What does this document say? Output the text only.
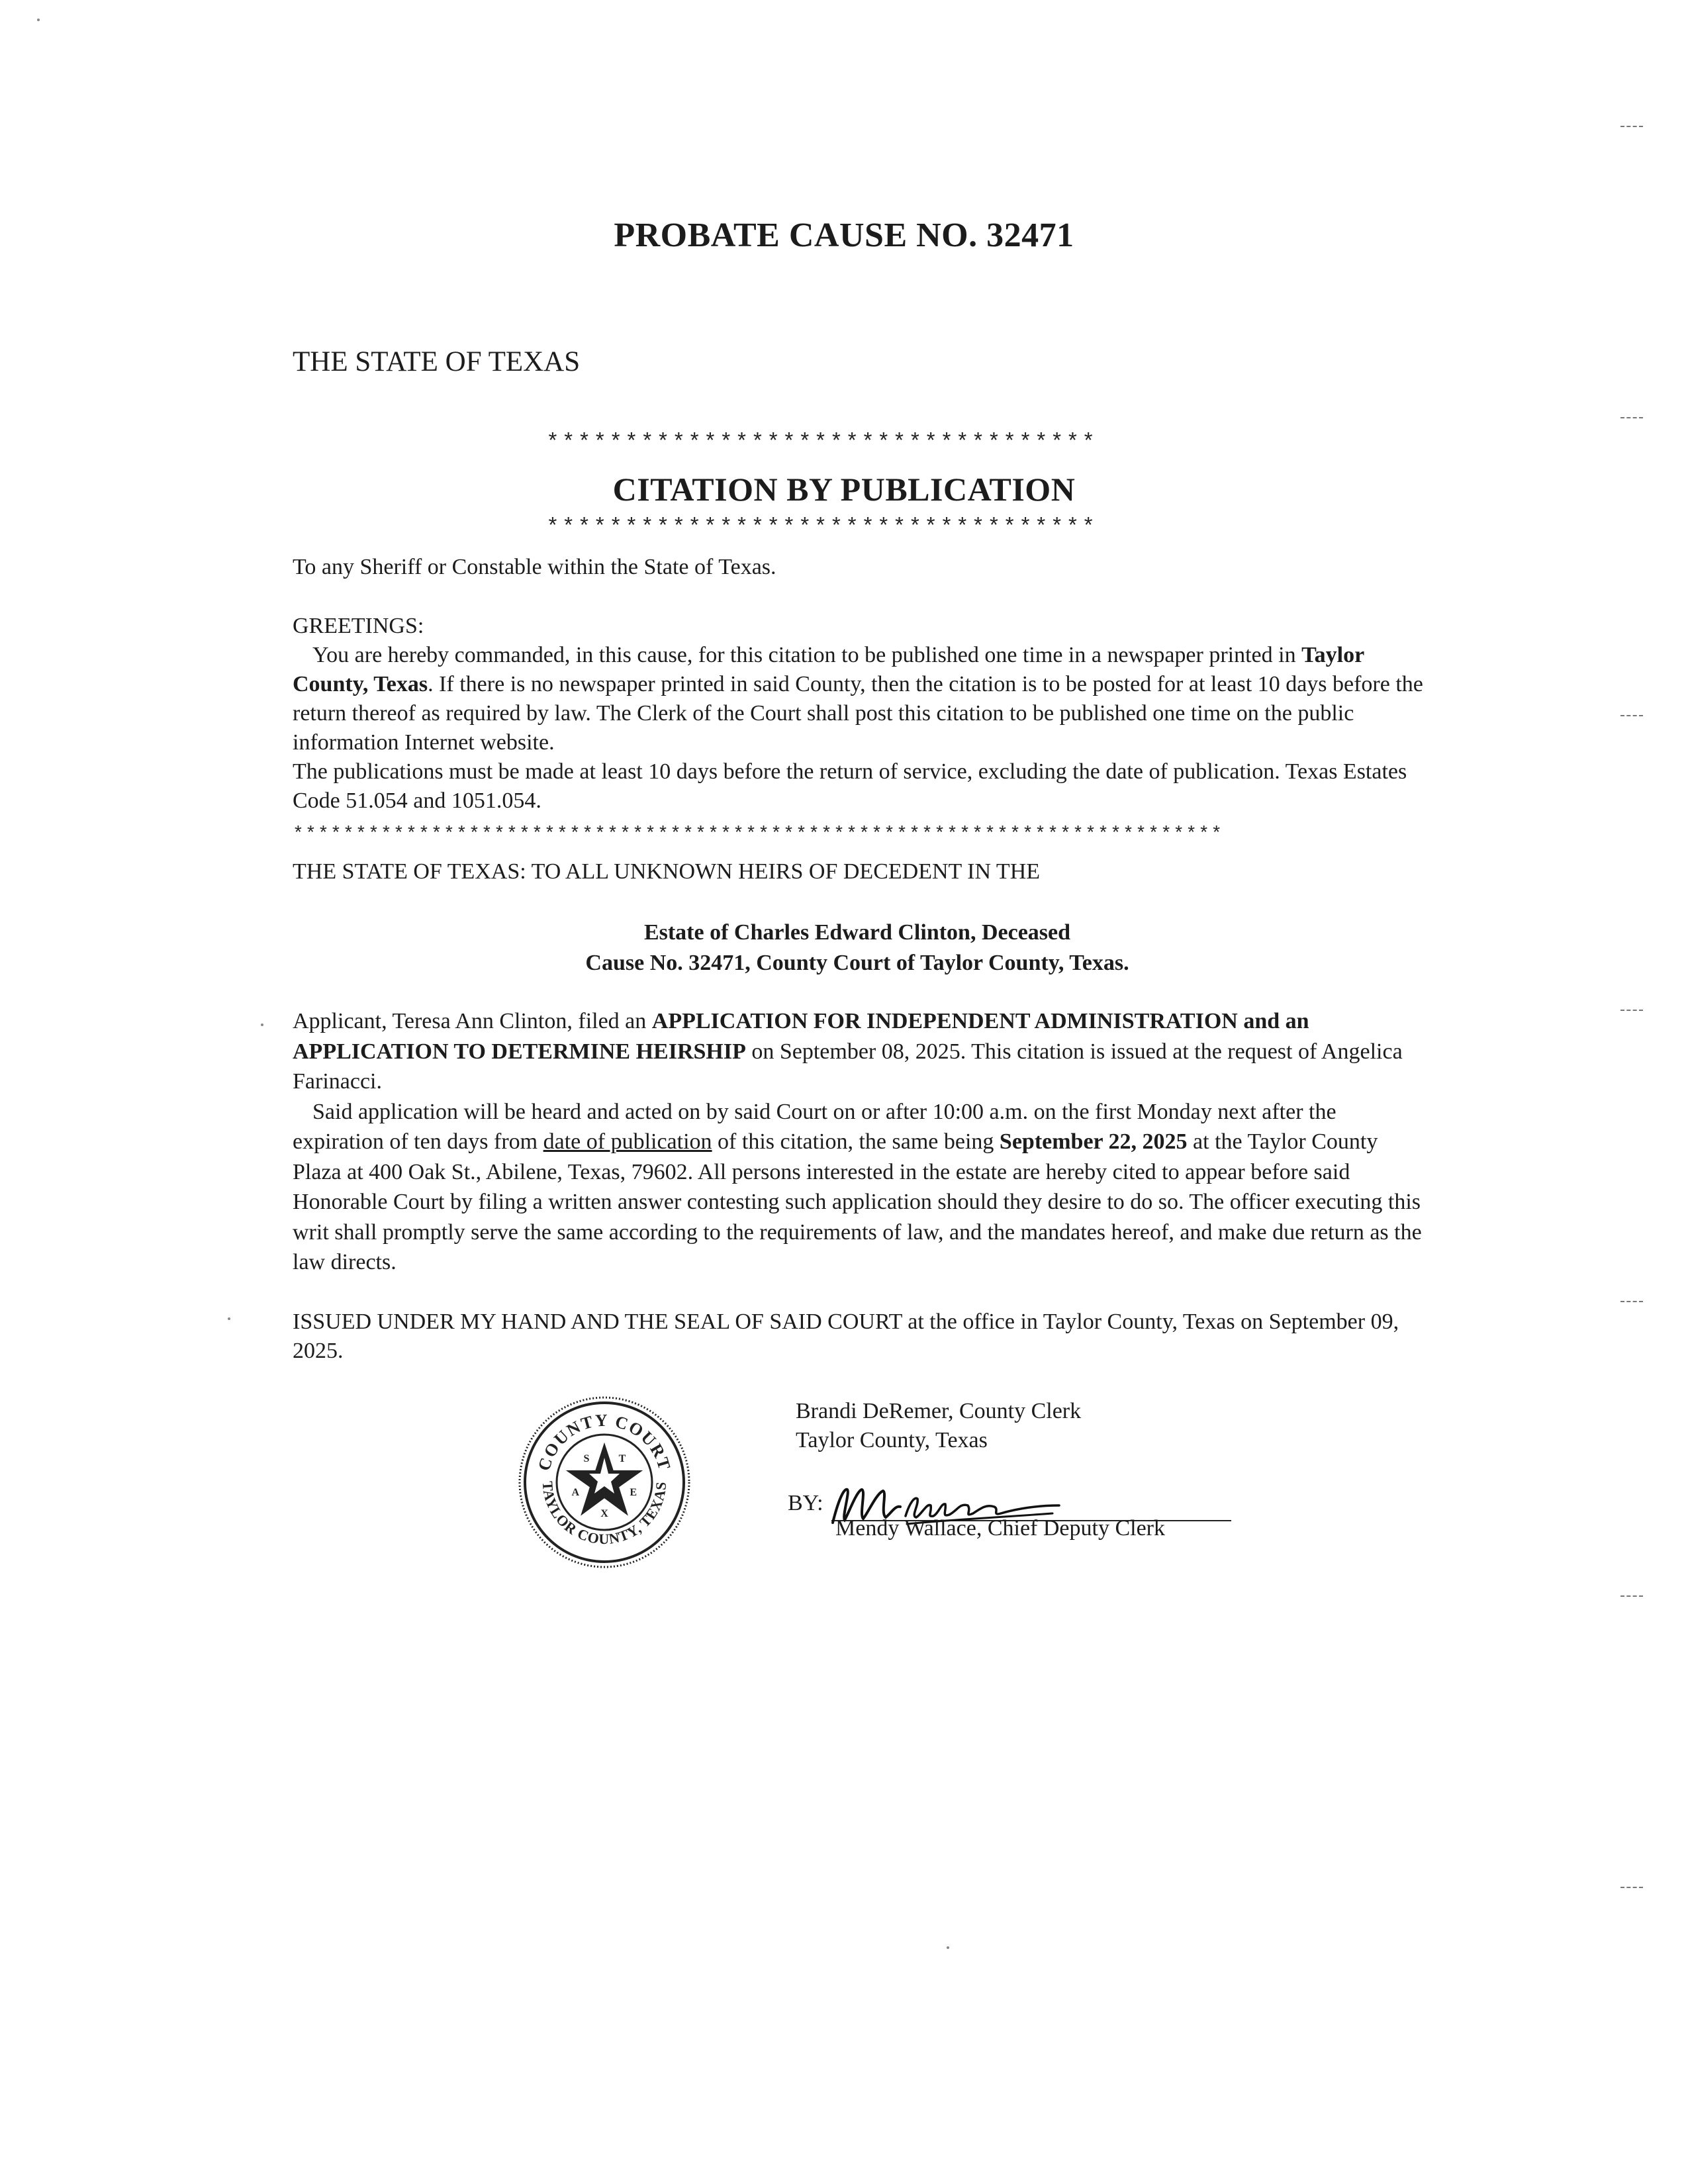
PROBATE CAUSE NO. 32471
THE STATE OF TEXAS
***********************************
CITATION BY PUBLICATION
***********************************
To any Sheriff or Constable within the State of Texas.

GREETINGS:

You are hereby commanded, in this cause, for this citation to be published one time in a newspaper printed in Taylor County, Texas. If there is no newspaper printed in said County, then the citation is to be posted for at least 10 days before the return thereof as required by law. The Clerk of the Court shall post this citation to be published one time on the public information Internet website.

The publications must be made at least 10 days before the return of service, excluding the date of publication. Texas Estates Code 51.054 and 1051.054.

**************************************************************************
THE STATE OF TEXAS: TO ALL UNKNOWN HEIRS OF DECEDENT IN THE
Estate of Charles Edward Clinton, Deceased
Cause No. 32471, County Court of Taylor County, Texas.

Applicant, Teresa Ann Clinton, filed an APPLICATION FOR INDEPENDENT ADMINISTRATION and an APPLICATION TO DETERMINE HEIRSHIP on September 08, 2025. This citation is issued at the request of Angelica Farinacci.

Said application will be heard and acted on by said Court on or after 10:00 a.m. on the first Monday next after the expiration of ten days from date of publication of this citation, the same being September 22, 2025 at the Taylor County Plaza at 400 Oak St., Abilene, Texas, 79602. All persons interested in the estate are hereby cited to appear before said Honorable Court by filing a written answer contesting such application should they desire to do so. The officer executing this writ shall promptly serve the same according to the requirements of law, and the mandates hereof, and make due return as the law directs.

ISSUED UNDER MY HAND AND THE SEAL OF SAID COURT at the office in Taylor County, Texas on September 09, 2025.
COUNTY COURT
TAYLOR COUNTY, TEXAS
T
E
X
A
S
Brandi DeRemer, County Clerk
Taylor County, Texas
BY:
Mendy Wallace, Chief Deputy Clerk
